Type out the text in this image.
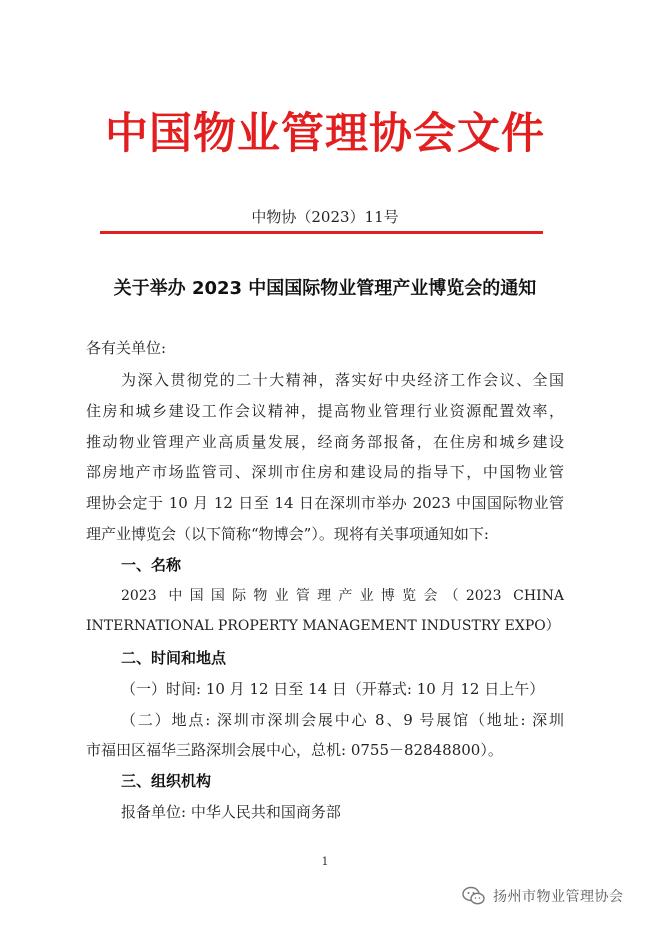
中国物业管理协会文件
中物协（2023）11号
关于举办 2023 中国国际物业管理产业博览会的通知
各有关单位:
为深入贯彻党的二十大精神，落实好中央经济工作会议、全国
住房和城乡建设工作会议精神，提高物业管理行业资源配置效率，
推动物业管理产业高质量发展，经商务部报备，在住房和城乡建设
部房地产市场监管司、深圳市住房和建设局的指导下，中国物业管
理协会定于 10 月 12 日至 14 日在深圳市举办 2023 中国国际物业管
理产业博览会（以下简称“物博会”）。现将有关事项通知如下:
一、名称
2023 中国国际物业管理产业博览会（2023 CHINA
INTERNATIONAL PROPERTY MANAGEMENT INDUSTRY EXPO）
二、时间和地点
（一）时间: 10 月 12 日至 14 日（开幕式: 10 月 12 日上午）
（二）地点: 深圳市深圳会展中心 8、9 号展馆（地址: 深圳
市福田区福华三路深圳会展中心，总机: 0755－82848800）。
三、组织机构
报备单位: 中华人民共和国商务部
1
扬州市物业管理协会
